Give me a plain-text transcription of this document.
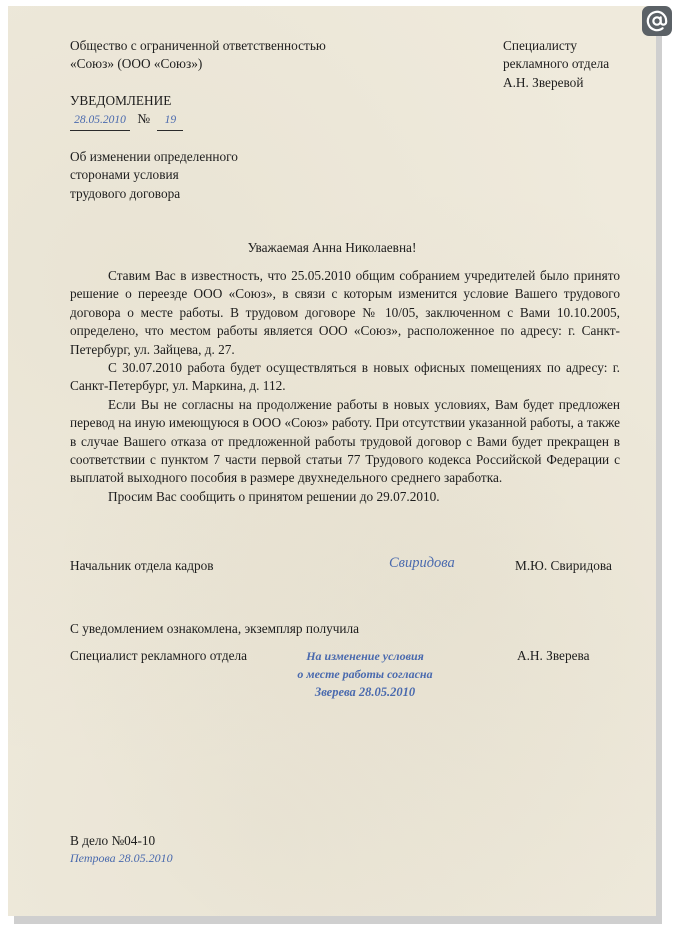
Общество с ограниченной ответственностью
«Союз» (ООО «Союз»)
Специалисту
рекламного отдела
А.Н. Зверевой
УВЕДОМЛЕНИЕ
28.05.2010 № 19
Об изменении определенного
сторонами условия
трудового договора
Уважаемая Анна Николаевна!

Ставим Вас в известность, что 25.05.2010 общим собранием учредителей было принято решение о переезде ООО «Союз», в связи с которым изменится условие Вашего трудового договора о месте работы. В трудовом договоре № 10/05, заключенном с Вами 10.10.2005, определено, что местом работы является ООО «Союз», расположенное по адресу: г. Санкт-Петербург, ул. Зайцева, д. 27.

С 30.07.2010 работа будет осуществляться в новых офисных помещениях по адресу: г. Санкт-Петербург, ул. Маркина, д. 112.

Если Вы не согласны на продолжение работы в новых условиях, Вам будет предложен перевод на иную имеющуюся в ООО «Союз» работу. При отсутствии указанной работы, а также в случае Вашего отказа от предложенной работы трудовой договор с Вами будет прекращен в соответствии с пунктом 7 части первой статьи 77 Трудового кодекса Российской Федерации с выплатой выходного пособия в размере двухнедельного среднего заработка.

Просим Вас сообщить о принятом решении до 29.07.2010.

Начальник отдела кадров	Свиридова	М.Ю. Свиридова
С уведомлением ознакомлена, экземпляр получила
Специалист рекламного отдела	На изменение условия
о месте работы согласна
Зверева 28.05.2010
А.Н. Зверева
В дело №04-10
Петрова 28.05.2010
